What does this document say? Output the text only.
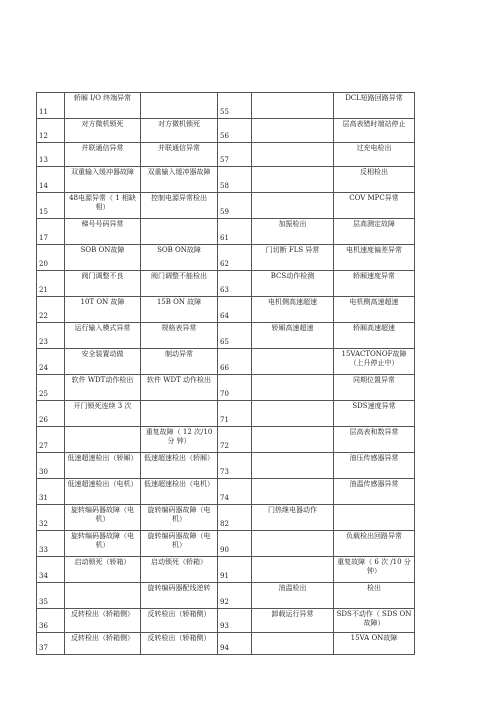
11	轿厢 I/O 终端异常		55		DCL短路回路异常
12	对方微机锁死	对方微机锁死	56		层高表错时端站停止
13	并联通信异常	并联通信异常	57		过充电检出
14	双重输入缓冲器故障	双重输入缓冲器故障	58		反相检出
15	48电源异常（ 1 相缺相）	控制电源异常检出	59		COV MPC异常
17	梯号号码异常		61	加振检出	层高测定故障
20	SOB ON故障	SOB ON故障	62	门切断 FLS 异常	电机速度偏差异常
21	阀门调整不良	阀门调整不能检出	63	BCS动作检测	轿厢速度异常
22	10T ON 故障	15B ON 故障	64	电机侧高速超速	电机侧高速超速
23	运行输入模式异常	规格表异常	65	轿厢高速超速	轿厢高速超速
24	安全装置动做	制动异常	66		15VACTONOF故障（上升停止中）
25	软件 WDT动作检出	软件 WDT 动作检出	70		同期位置异常
26	开门锁死连续 3 次		71		SDS速度异常
27		重复故障（ 12 次/10 分 钟）	72		层高表和数异常
30	低速超速检出（轿厢）	低速超速检出（轿厢）	73		油压传感器异常
31	低速超速检出（电机）	低速超速检出（电机）	74		油温传感器异常
32	旋转编码器故障（电机）	旋转编码器故障（电机）	82	门热继电器动作	
33	旋转编码器故障（电机）	旋转编码器故障（电机）	90		负载检出回路异常
34	启动锁死（轿箱）	启动锁死（轿箱）	91		重复故障（ 6 次 /10 分钟）
35		旋转编码器配线逆转	92	油温检出	检出
36	反转检出（轿箱侧）	反转检出（轿箱侧）	93	卸载运行异常	SDS不动作（ SDS ON故障）
37	反转检出（轿箱侧）	反转检出（轿箱侧）	94		15VA ON故障
